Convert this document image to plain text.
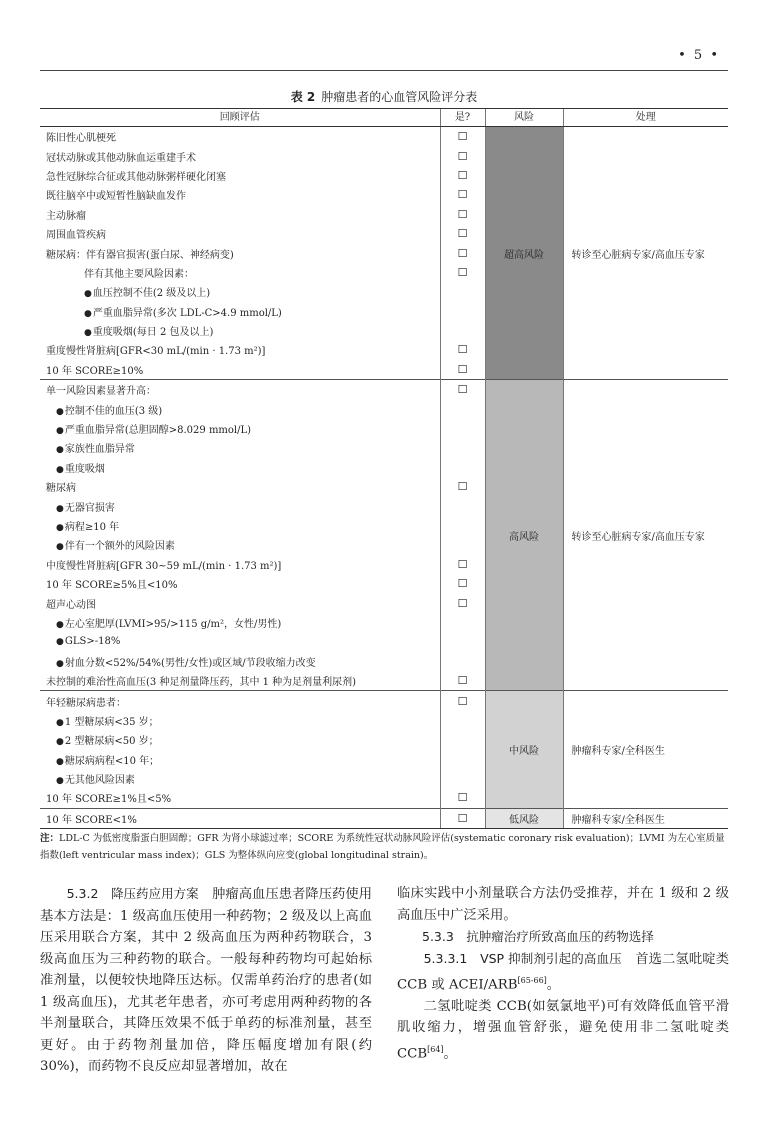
• 5 •
表 2 肿瘤患者的心血管风险评分表
回顾评估	是?	风险	处理
陈旧性心肌梗死	☐	超高风险	转诊至心脏病专家/高血压专家
冠状动脉或其他动脉血运重建手术	☐		
急性冠脉综合征或其他动脉粥样硬化闭塞	☐		
既往脑卒中或短暂性脑缺血发作	☐		
主动脉瘤	☐		
周围血管疾病	☐		
糖尿病：伴有器官损害(蛋白尿、神经病变)	☐		
伴有其他主要风险因素：	☐		
●血压控制不佳(2 级及以上)			
●严重血脂异常(多次 LDL-C>4.9 mmol/L)			
●重度吸烟(每日 2 包及以上)			
重度慢性肾脏病[GFR<30 mL/(min · 1.73 m²)]	☐		
10 年 SCORE≥10%	☐		
单一风险因素显著升高：	☐	高风险	转诊至心脏病专家/高血压专家
●控制不佳的血压(3 级)			
●严重血脂异常(总胆固醇>8.029 mmol/L)			
●家族性血脂异常			
●重度吸烟			
糖尿病	☐		
●无器官损害			
●病程≥10 年			
●伴有一个额外的风险因素			
中度慢性肾脏病[GFR 30~59 mL/(min · 1.73 m²)]	☐		
10 年 SCORE≥5%且<10%	☐		
超声心动图	☐		
●左心室肥厚(LVMI>95/>115 g/m²，女性/男性)			
●GLS>-18%			
●射血分数<52%/54%(男性/女性)或区域/节段收缩力改变			
未控制的难治性高血压(3 种足剂量降压药，其中 1 种为足剂量利尿剂)	☐		
年轻糖尿病患者：	☐	中风险	肿瘤科专家/全科医生
●1 型糖尿病<35 岁；			
●2 型糖尿病<50 岁；			
●糖尿病病程<10 年；			
●无其他风险因素			
10 年 SCORE≥1%且<5%	☐		
10 年 SCORE<1%	☐	低风险	肿瘤科专家/全科医生
注：LDL-C 为低密度脂蛋白胆固醇；GFR 为肾小球滤过率；SCORE 为系统性冠状动脉风险评估(systematic coronary risk evaluation)；LVMI 为左心室质量指数(left ventricular mass index)；GLS 为整体纵向应变(global longitudinal strain)。

5.3.2　降压药应用方案　 肿瘤高血压患者降压药使用基本方法是：1 级高血压使用一种药物；2 级及以上高血压采用联合方案，其中 2 级高血压为两种药物联合，3 级高血压为三种药物的联合。一般每种药物均可起始标准剂量，以便较快地降压达标。仅需单药治疗的患者(如 1 级高血压)，尤其老年患者，亦可考虑用两种药物的各半剂量联合，其降压效果不低于单药的标准剂量，甚至更好。由于药物剂量加倍，降压幅度增加有限(约 30%)，而药物不良反应却显著增加，故在

临床实践中小剂量联合方法仍受推荐，并在 1 级和 2 级高血压中广泛采用。

5.3.3　抗肿瘤治疗所致高血压的药物选择

5.3.3.1　VSP 抑制剂引起的高血压　 首选二氢吡啶类 CCB 或 ACEI/ARB[65-66]。

二氢吡啶类 CCB(如氨氯地平)可有效降低血管平滑肌收缩力，增强血管舒张，避免使用非二氢吡啶类 CCB[64]。
